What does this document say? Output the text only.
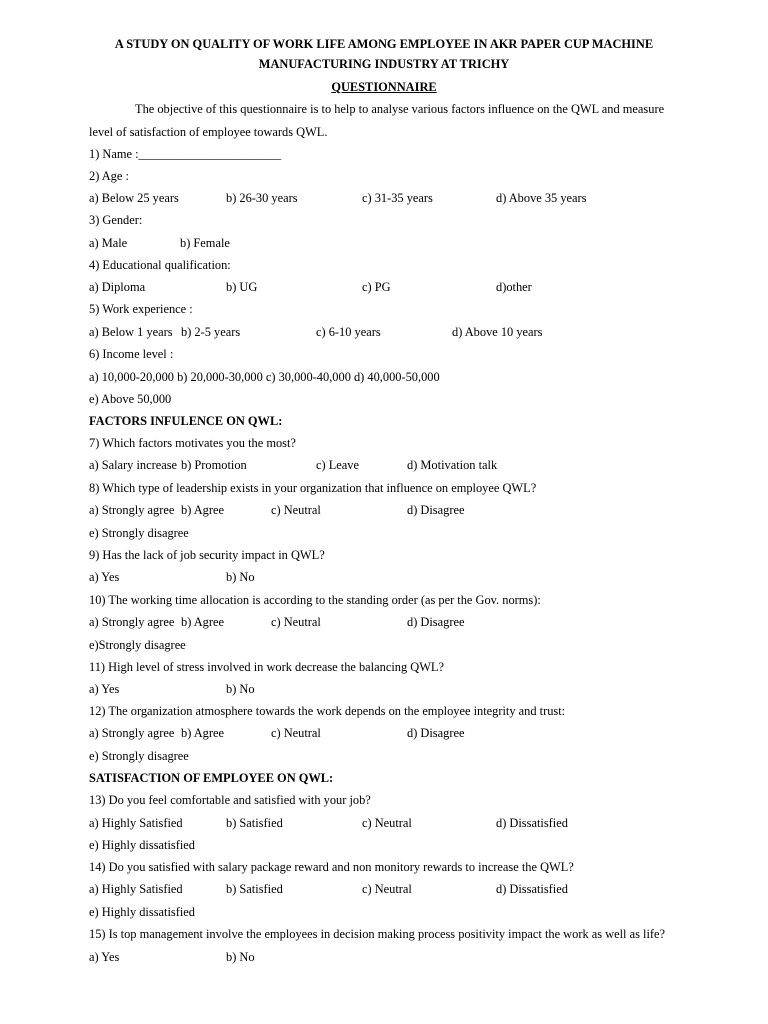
A STUDY ON QUALITY OF WORK LIFE AMONG EMPLOYEE IN AKR PAPER CUP MACHINE
MANUFACTURING INDUSTRY AT TRICHY
QUESTIONNAIRE
The objective of this questionnaire is to help to analyse various factors influence on the QWL and measure
level of satisfaction of employee towards QWL.
1) Name :_______________________
2) Age :
a) Below 25 years	b) 26-30 years	c) 31-35 years	d) Above 35 years
3) Gender:
a) Male	b) Female
4) Educational qualification:
a) Diploma	b) UG	c) PG	d)other
5) Work experience :
a) Below 1 years b) 2-5 years	c) 6-10 years	d) Above 10 years
6) Income level :
a) 10,000-20,000 b) 20,000-30,000 c) 30,000-40,000 d) 40,000-50,000
e) Above 50,000
FACTORS INFULENCE ON QWL:
7) Which factors motivates you the most?
a) Salary increase b) Promotion	c) Leave	d) Motivation talk
8) Which type of leadership exists in your organization that influence on employee QWL?
a) Strongly agree b) Agree	c) Neutral	d) Disagree
e) Strongly disagree
9) Has the lack of job security impact in QWL?
a) Yes	b) No
10) The working time allocation is according to the standing order (as per the Gov. norms):
a) Strongly agree b) Agree	c) Neutral	d) Disagree
e)Strongly disagree
11) High level of stress involved in work decrease the balancing QWL?
a) Yes	b) No
12) The organization atmosphere towards the work depends on the employee integrity and trust:
a) Strongly agree b) Agree	c) Neutral	d) Disagree
e) Strongly disagree
SATISFACTION OF EMPLOYEE ON QWL:
13) Do you feel comfortable and satisfied with your job?
a) Highly Satisfied	b) Satisfied	c) Neutral	d) Dissatisfied
e) Highly dissatisfied
14) Do you satisfied with salary package reward and non monitory rewards to increase the QWL?
a) Highly Satisfied	b) Satisfied	c) Neutral	d) Dissatisfied
e) Highly dissatisfied
15) Is top management involve the employees in decision making process positivity impact the work as well as life?
a) Yes	b) No
